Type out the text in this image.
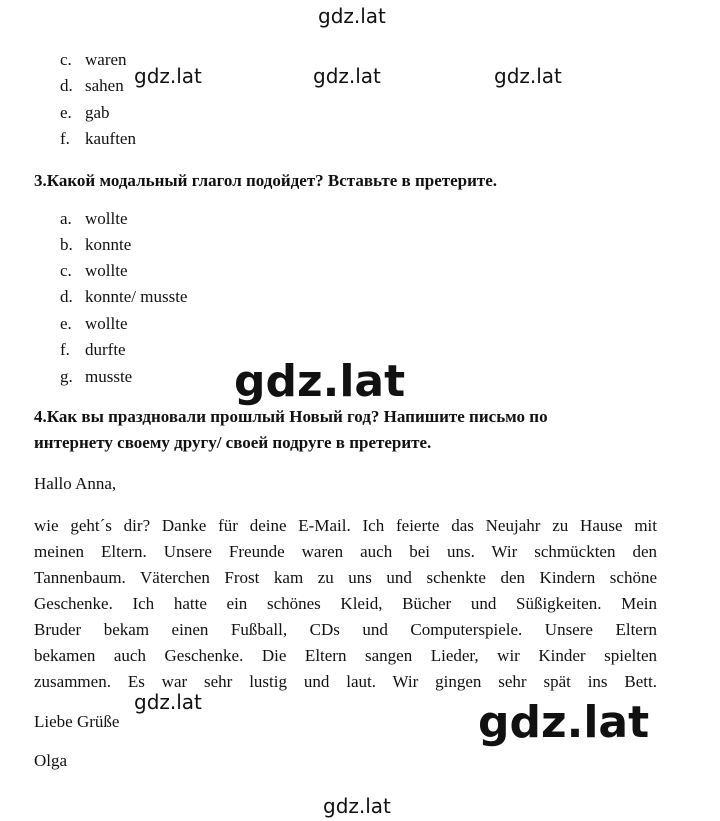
gdz.lat
gdz.lat	gdz.lat	gdz.lat
c. waren
d. sahen
e. gab
f. kauften
3.Какой модальный глагол подойдет? Вставьте в претерите.
a. wollte
b. konnte
c. wollte
d. konnte/ musste
e. wollte
f. durfte
g. musste gdz.lat
4.Как вы праздновали прошлый Новый год? Напишите письмо по
интернету своему другу/ своей подруге в претерите.
Hallo Anna,
wie geht´s dir? Danke für deine E-Mail. Ich feierte das Neujahr zu Hause mit
meinen Eltern. Unsere Freunde waren auch bei uns. Wir schmückten den
Tannenbaum. Väterchen Frost kam zu uns und schenkte den Kindern schöne
Geschenke. Ich hatte ein schönes Kleid, Bücher und Süßigkeiten. Mein
Bruder bekam einen Fußball, CDs und Computerspiele. Unsere Eltern
bekamen auch Geschenke. Die Eltern sangen Lieder, wir Kinder spielten
zusammen. Es war sehr lustig und laut. Wir gingen sehr spät ins Bett.
gdz.lat	gdz.lat
Liebe Grüße
Olga
gdz.lat
